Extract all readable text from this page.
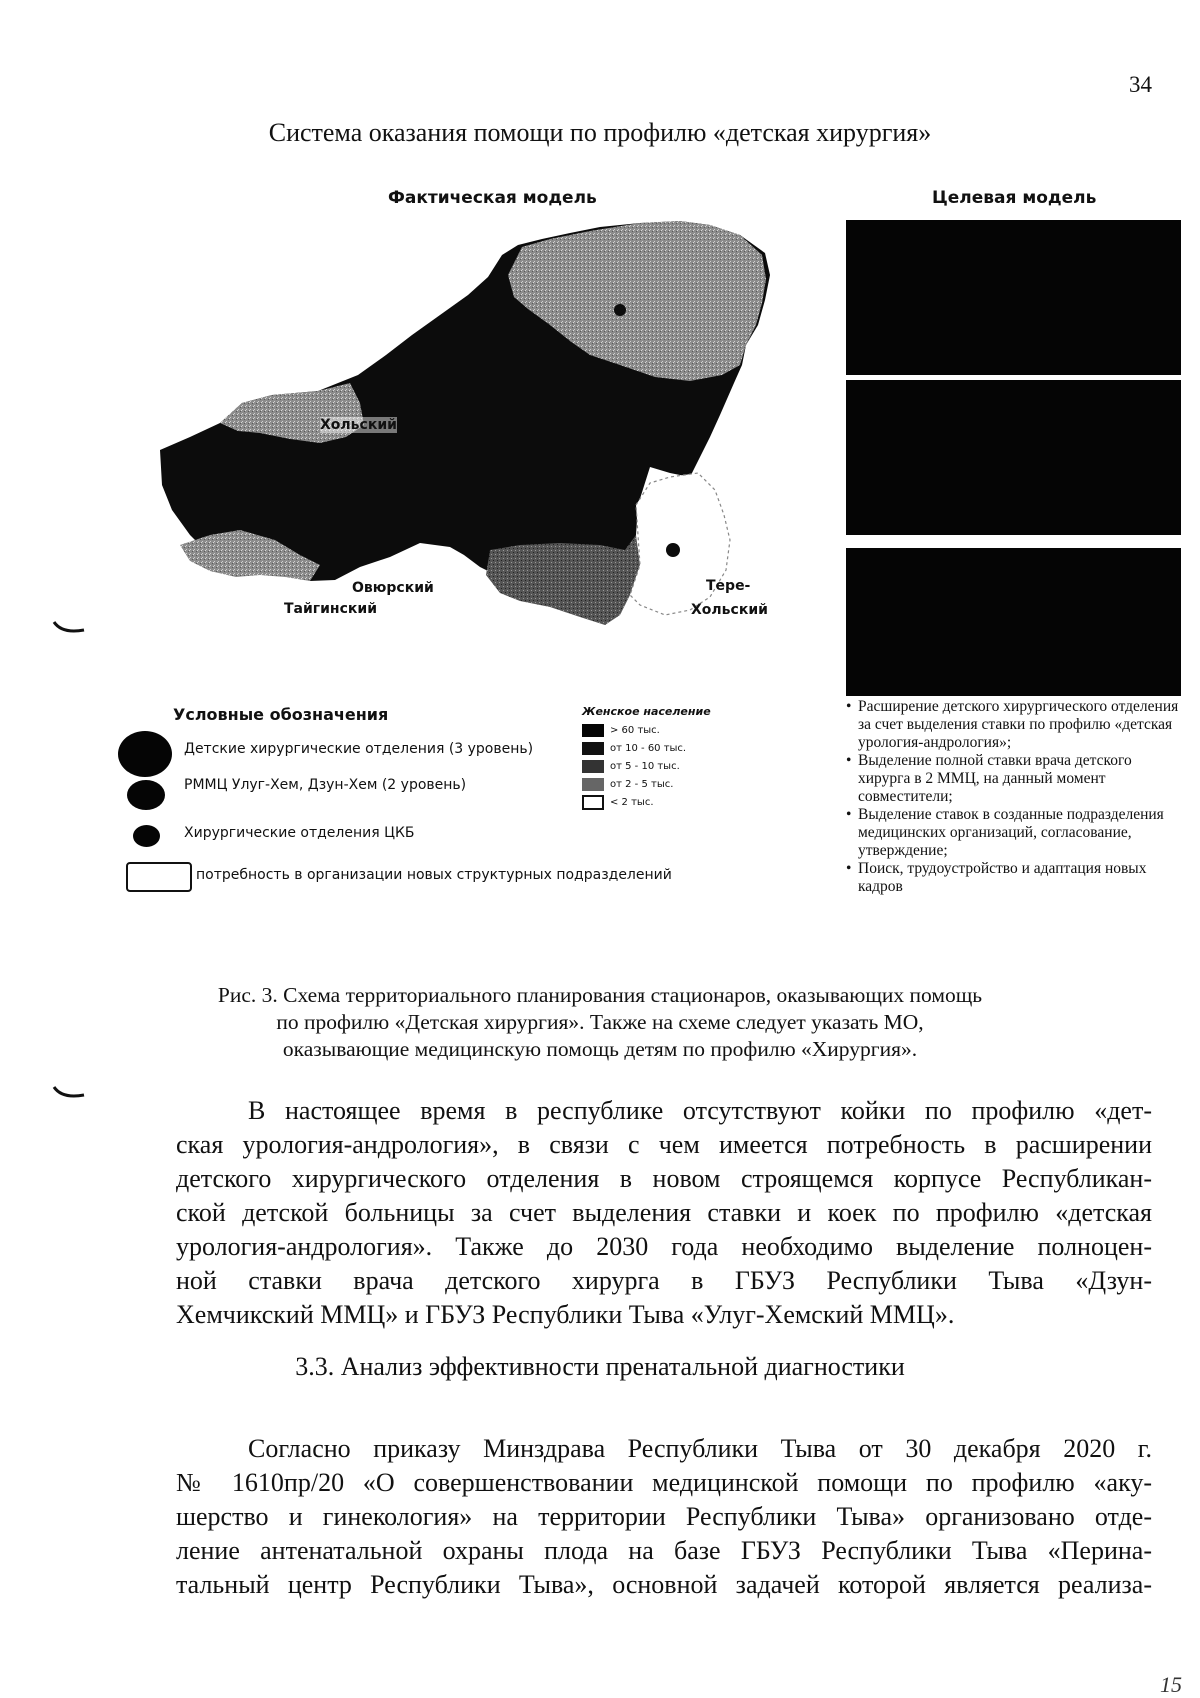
34
Система оказания помощи по профилю «детская хирургия»
Фактическая модель	Целевая модель
Хольский
Овюрский
Тайгинский
Тере-
Хольский
Условные обозначения
Детские хирургические отделения (3 уровень)
РММЦ Улуг-Хем, Дзун-Хем (2 уровень)
Хирургические отделения ЦКБ
потребность в организации новых структурных подразделений
Женское население
> 60 тыс.
от 10 - 60 тыс.
от 5 - 10 тыс.
от 2 - 5 тыс.
< 2 тыс.
• Расширение детского хирургического отделения за счет выделения ставки по профилю «детская урология-андрология»;
• Выделение полной ставки врача детского хирурга в 2 ММЦ, на данный момент совместители;
• Выделение ставок в созданные подразделения медицинских организаций, согласование, утверждение;
• Поиск, трудоустройство и адаптация новых кадров
Рис. 3. Схема территориального планирования стационаров, оказывающих помощь
по профилю «Детская хирургия». Также на схеме следует указать МО,
оказывающие медицинскую помощь детям по профилю «Хирургия».
В настоящее время в республике отсутствуют койки по профилю «дет-
ская урология-андрология», в связи с чем имеется потребность в расширении
детского хирургического отделения в новом строящемся корпусе Республикан-
ской детской больницы за счет выделения ставки и коек по профилю «детская
урология-андрология». Также до 2030 года необходимо выделение полноцен-
ной ставки врача детского хирурга в ГБУЗ Республики Тыва «Дзун-
Хемчикский ММЦ» и ГБУЗ Республики Тыва «Улуг-Хемский ММЦ».
3.3. Анализ эффективности пренатальной диагностики
Согласно приказу Минздрава Республики Тыва от 30 декабря 2020 г.
№ 1610пр/20 «О совершенствовании медицинской помощи по профилю «аку-
шерство и гинекология» на территории Республики Тыва» организовано отде-
ление антенатальной охраны плода на базе ГБУЗ Республики Тыва «Перина-
тальный центр Республики Тыва», основной задачей которой является реализа-
15
